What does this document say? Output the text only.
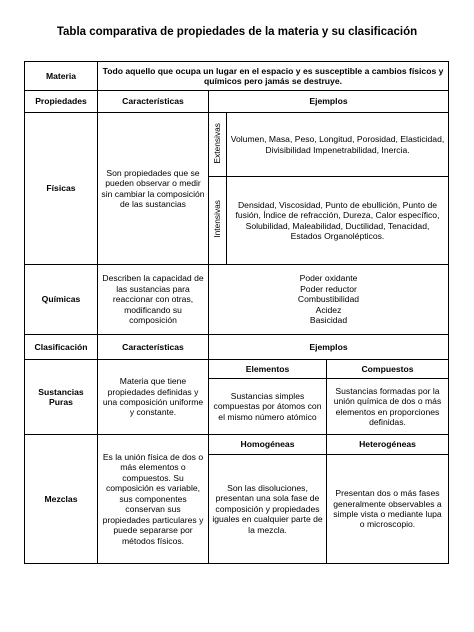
Tabla comparativa de propiedades de la materia y su clasificación
Materia	Todo aquello que ocupa un lugar en el espacio y es susceptible a cambios físicos y químicos pero jamás se destruye.			
Propiedades	Características	Ejemplos		
Físicas	Son propiedades que se pueden observar o medir sin cambiar la composición de las sustancias	Extensivas	Volumen, Masa, Peso, Longitud, Porosidad, Elasticidad, Divisibilidad Impenetrabilidad, Inercia.	
		Intensivas	Densidad, Viscosidad, Punto de ebullición, Punto de fusión, Índice de refracción, Dureza, Calor específico, Solubilidad, Maleabilidad, Ductilidad, Tenacidad, Estados Organolépticos.	
Químicas	Describen la capacidad de las sustancias para reaccionar con otras, modificando su composición	Poder oxidante
Poder reductor
Combustibilidad
Acidez
Basicidad		
Clasificación	Características	Ejemplos		
Sustancias Puras	Materia que tiene propiedades definidas y una composición uniforme y constante.	Elementos		Compuestos
		Sustancias simples compuestas por átomos con el mismo número atómico		Sustancias formadas por la unión química de dos o más elementos en proporciones definidas.
Mezclas	Es la unión física de dos o más elementos o compuestos. Su composición es variable, sus componentes conservan sus propiedades particulares y puede separarse por métodos físicos.	Homogéneas		Heterogéneas
		Son las disoluciones, presentan una sola fase de composición y propiedades iguales en cualquier parte de la mezcla.		Presentan dos o más fases generalmente observables a simple vista o mediante lupa o microscopio.
